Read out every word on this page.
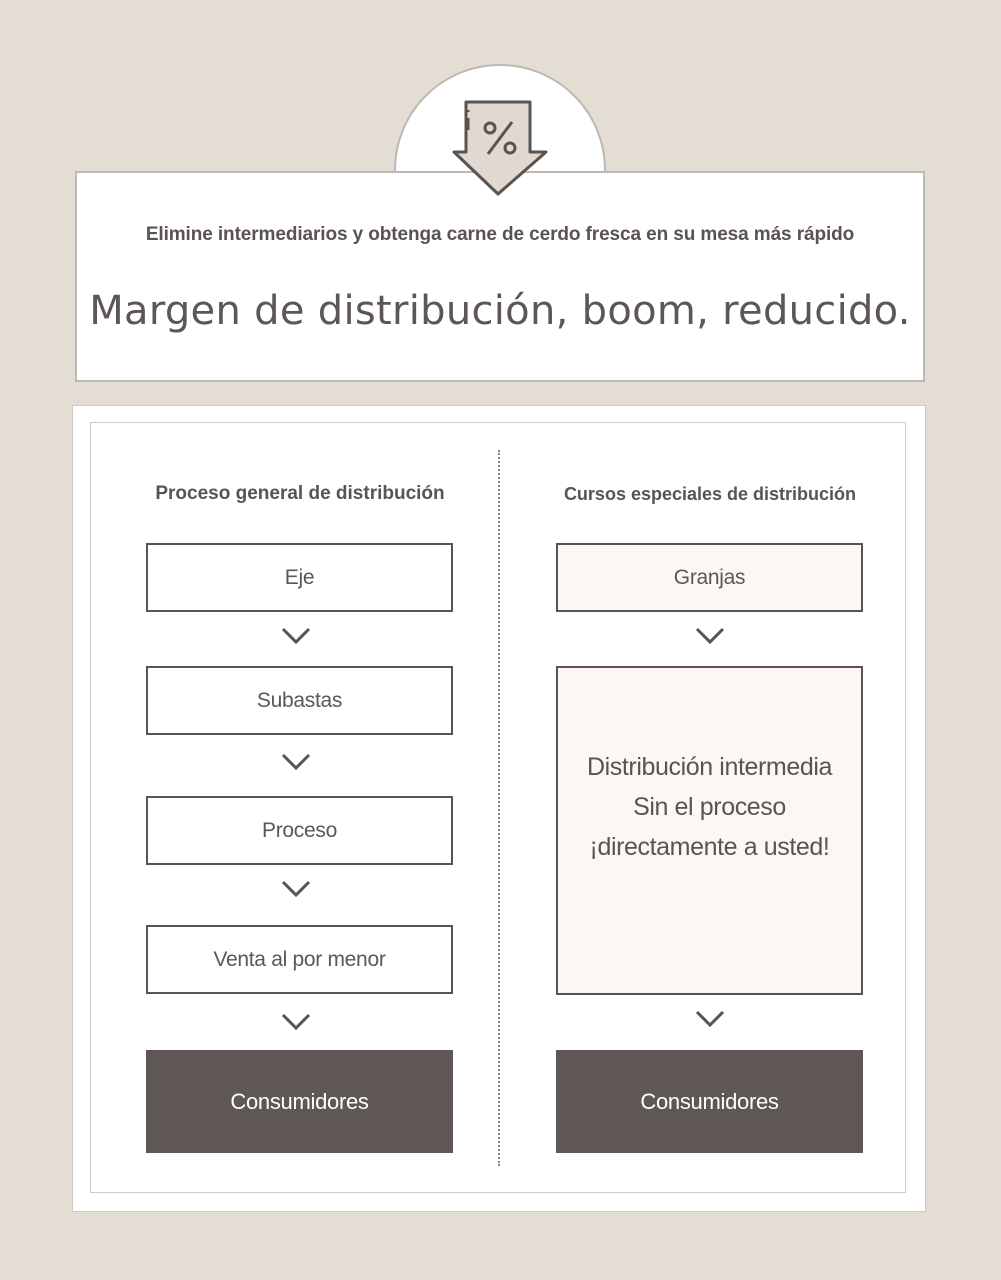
Elimine intermediarios y obtenga carne de cerdo fresca en su mesa más rápido
Margen de distribución, boom, reducido.
Proceso general de distribución
Eje
Subastas
Proceso
Venta al por menor
Consumidores
Cursos especiales de distribución
Granjas
Distribución intermedia
Sin el proceso
¡directamente a usted!
Consumidores
